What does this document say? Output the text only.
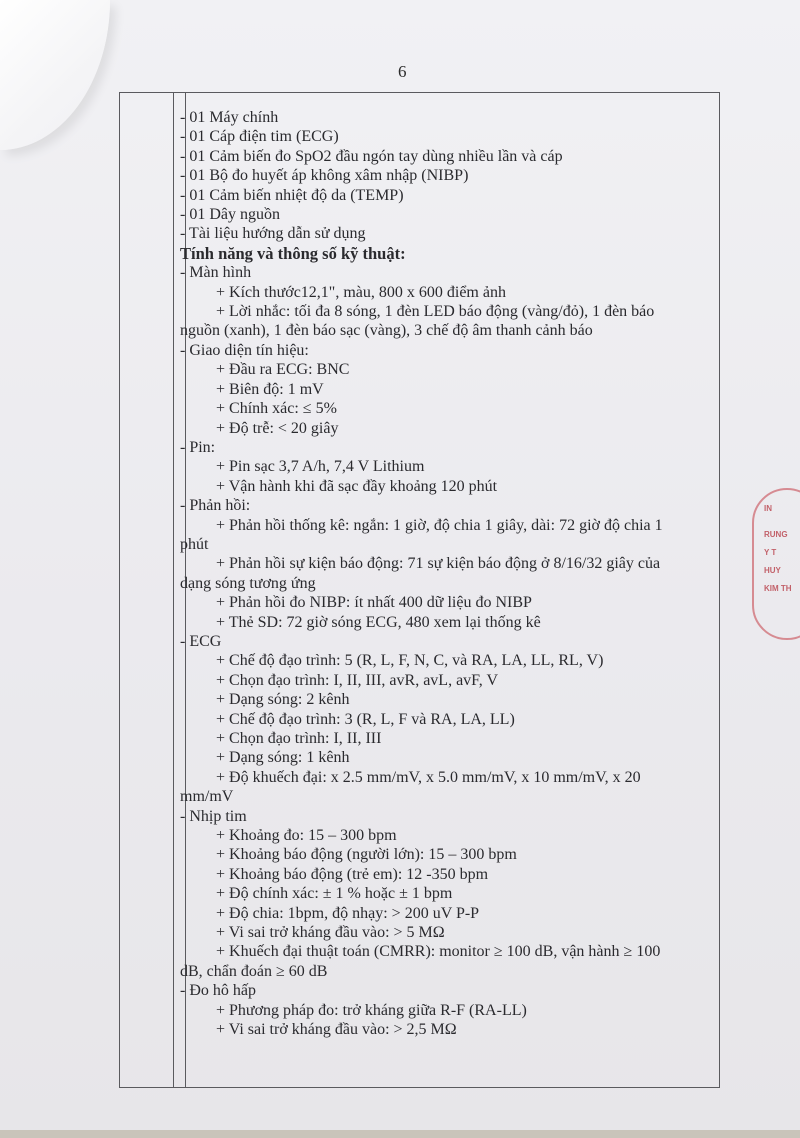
6
- 01 Máy chính
- 01 Cáp điện tim (ECG)
- 01 Cảm biến đo SpO2 đầu ngón tay dùng nhiều lần và cáp
- 01 Bộ đo huyết áp không xâm nhập (NIBP)
- 01 Cảm biến nhiệt độ da (TEMP)
- 01 Dây nguồn
- Tài liệu hướng dẫn sử dụng
Tính năng và thông số kỹ thuật:
- Màn hình
+ Kích thước12,1", màu, 800 x 600 điểm ảnh
+ Lời nhắc: tối đa 8 sóng, 1 đèn LED báo động (vàng/đỏ), 1 đèn báo
nguồn (xanh), 1 đèn báo sạc (vàng), 3 chế độ âm thanh cảnh báo
- Giao diện tín hiệu:
+ Đầu ra ECG: BNC
+ Biên độ: 1 mV
+ Chính xác: ≤ 5%
+ Độ trễ: < 20 giây
- Pin:
+ Pin sạc 3,7 A/h, 7,4 V Lithium
+ Vận hành khi đã sạc đầy khoảng 120 phút
- Phản hồi:
+ Phản hồi thống kê: ngắn: 1 giờ, độ chia 1 giây, dài: 72 giờ độ chia 1
phút
+ Phản hồi sự kiện báo động: 71 sự kiện báo động ở 8/16/32 giây của
dạng sóng tương ứng
+ Phản hồi đo NIBP: ít nhất 400 dữ liệu đo NIBP
+ Thẻ SD: 72 giờ sóng ECG, 480 xem lại thống kê
- ECG
+ Chế độ đạo trình: 5 (R, L, F, N, C, và RA, LA, LL, RL, V)
+ Chọn đạo trình: I, II, III, avR, avL, avF, V
+ Dạng sóng: 2 kênh
+ Chế độ đạo trình: 3 (R, L, F và RA, LA, LL)
+ Chọn đạo trình: I, II, III
+ Dạng sóng: 1 kênh
+ Độ khuếch đại: x 2.5 mm/mV, x 5.0 mm/mV, x 10 mm/mV, x 20
mm/mV
- Nhịp tim
+ Khoảng đo: 15 – 300 bpm
+ Khoảng báo động (người lớn): 15 – 300 bpm
+ Khoảng báo động (trẻ em): 12 -350 bpm
+ Độ chính xác: ± 1 % hoặc ± 1 bpm
+ Độ chia: 1bpm, độ nhạy: > 200 uV P-P
+ Vi sai trở kháng đầu vào: > 5 MΩ
+ Khuếch đại thuật toán (CMRR): monitor ≥ 100 dB, vận hành ≥ 100
dB, chẩn đoán ≥ 60 dB
- Đo hô hấp
+ Phương pháp đo: trở kháng giữa R-F (RA-LL)
+ Vi sai trở kháng đầu vào: > 2,5 MΩ
IN
RUNG
Y T
HUY
KIM TH
